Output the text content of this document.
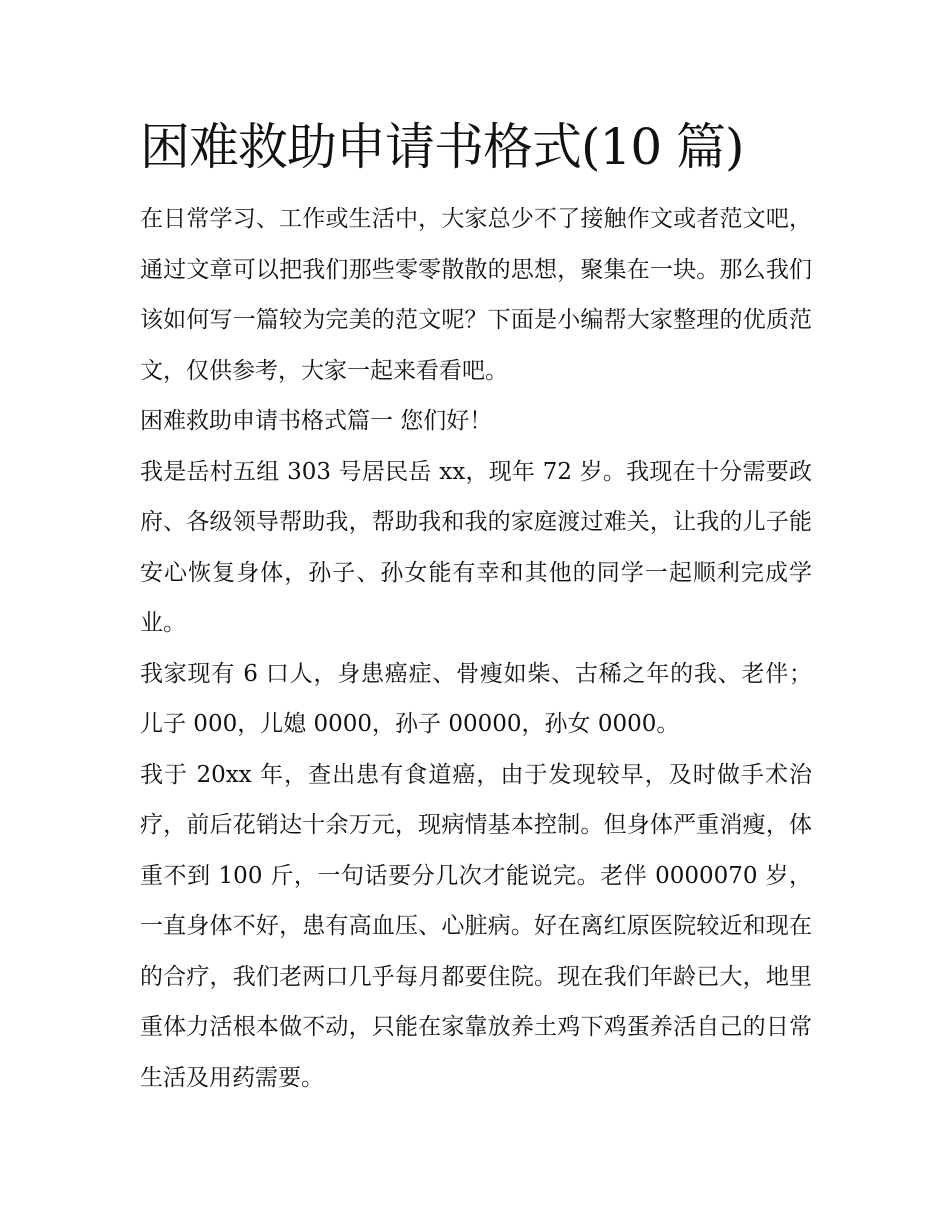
困难救助申请书格式(10 篇)

在日常学习、工作或生活中，大家总少不了接触作文或者范文吧，通过文章可以把我们那些零零散散的思想，聚集在一块。那么我们该如何写一篇较为完美的范文呢？下面是小编帮大家整理的优质范文，仅供参考，大家一起来看看吧。

困难救助申请书格式篇一 您们好！

我是岳村五组 303 号居民岳 xx，现年 72 岁。我现在十分需要政府、各级领导帮助我，帮助我和我的家庭渡过难关，让我的儿子能安心恢复身体，孙子、孙女能有幸和其他的同学一起顺利完成学业。

我家现有 6 口人，身患癌症、骨瘦如柴、古稀之年的我、老伴；儿子 000，儿媳 0000，孙子 00000，孙女 0000。

我于 20xx 年，查出患有食道癌，由于发现较早，及时做手术治疗，前后花销达十余万元，现病情基本控制。但身体严重消瘦，体重不到 100 斤，一句话要分几次才能说完。老伴 0000070 岁，一直身体不好，患有高血压、心脏病。好在离红原医院较近和现在的合疗，我们老两口几乎每月都要住院。现在我们年龄已大，地里重体力活根本做不动，只能在家靠放养土鸡下鸡蛋养活自己的日常生活及用药需要。
